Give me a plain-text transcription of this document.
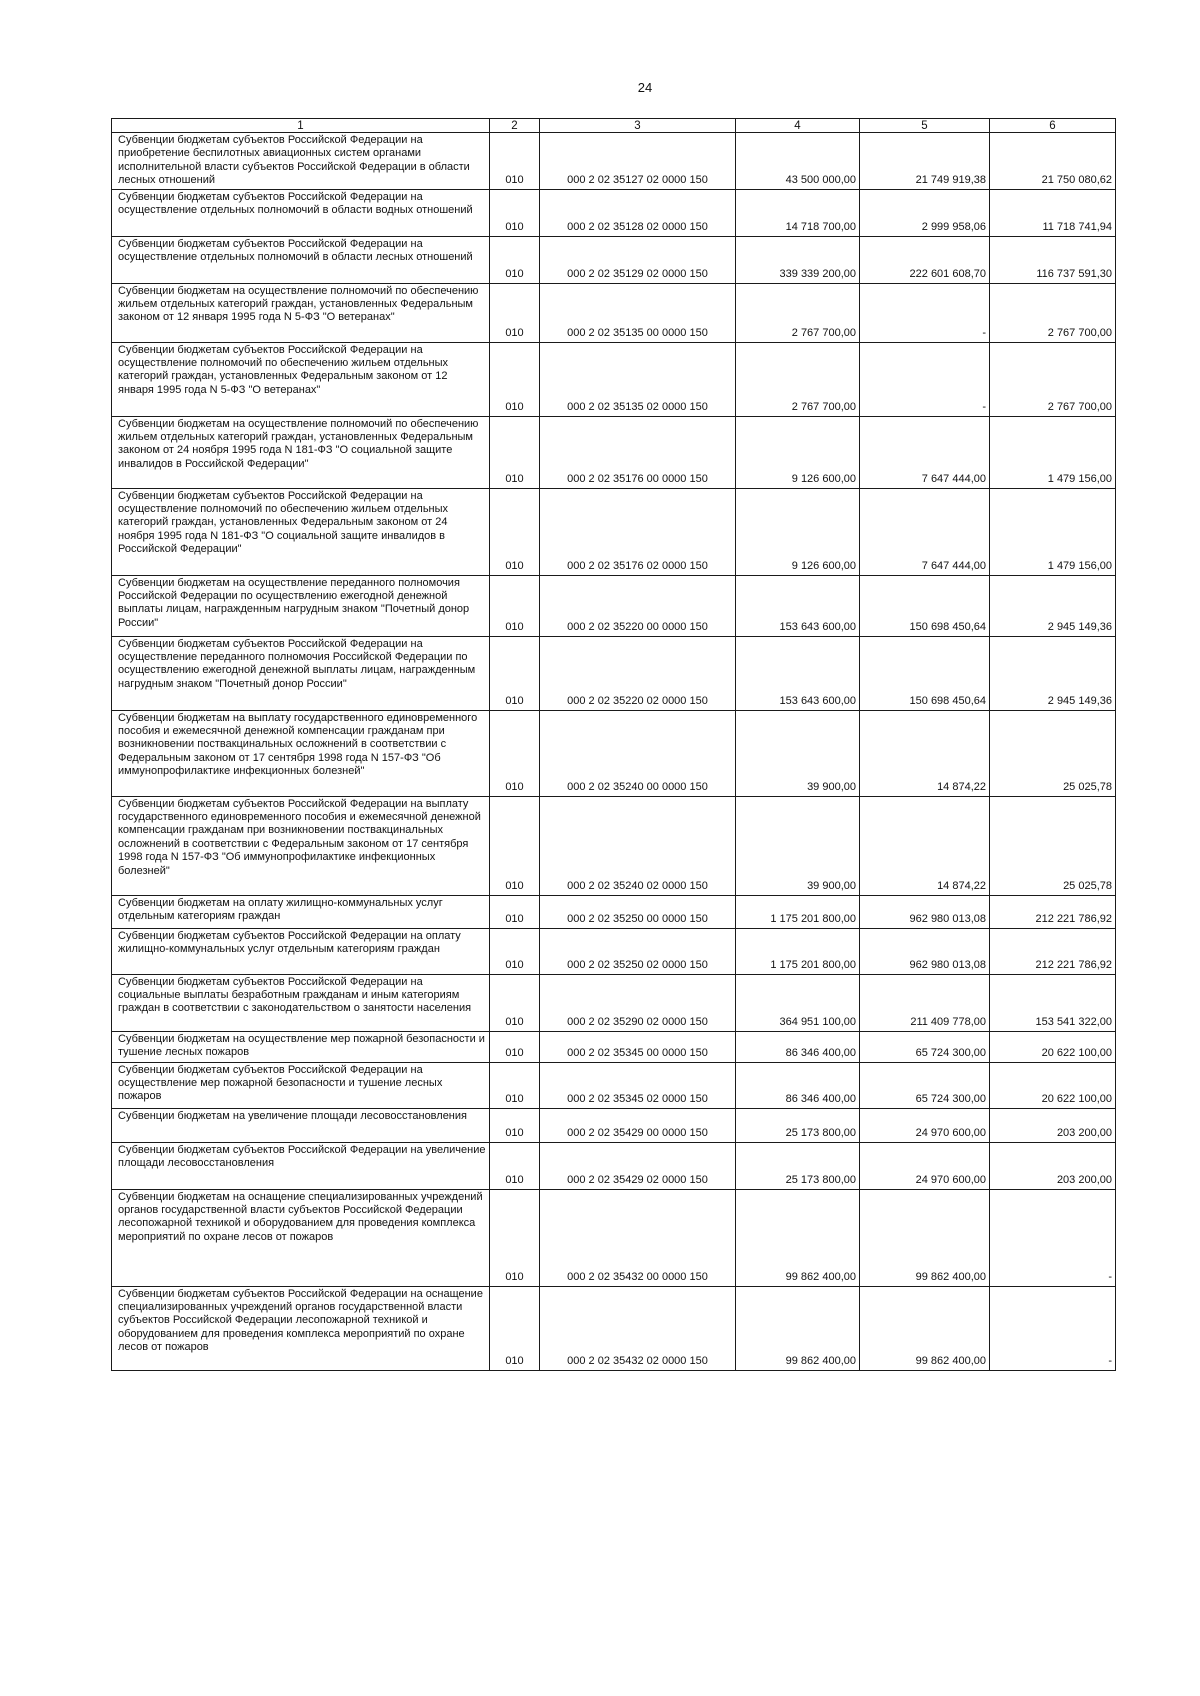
24
1	2	3	4	5	6
Субвенции бюджетам субъектов Российской Федерации на приобретение беспилотных авиационных систем органами исполнительной власти субъектов Российской Федерации в области лесных отношений	010	000 2 02 35127 02 0000 150	43 500 000,00	21 749 919,38	21 750 080,62
Субвенции бюджетам субъектов Российской Федерации на осуществление отдельных полномочий в области водных отношений	010	000 2 02 35128 02 0000 150	14 718 700,00	2 999 958,06	11 718 741,94
Субвенции бюджетам субъектов Российской Федерации на осуществление отдельных полномочий в области лесных отношений	010	000 2 02 35129 02 0000 150	339 339 200,00	222 601 608,70	116 737 591,30
Субвенции бюджетам на осуществление полномочий по обеспечению жильем отдельных категорий граждан, установленных Федеральным законом от 12 января 1995 года N 5-ФЗ "О ветеранах"	010	000 2 02 35135 00 0000 150	2 767 700,00	-	2 767 700,00
Субвенции бюджетам субъектов Российской Федерации на осуществление полномочий по обеспечению жильем отдельных категорий граждан, установленных Федеральным законом от 12 января 1995 года N 5-ФЗ "О ветеранах"	010	000 2 02 35135 02 0000 150	2 767 700,00	-	2 767 700,00
Субвенции бюджетам на осуществление полномочий по обеспечению жильем отдельных категорий граждан, установленных Федеральным законом от 24 ноября 1995 года N 181-ФЗ "О социальной защите инвалидов в Российской Федерации"	010	000 2 02 35176 00 0000 150	9 126 600,00	7 647 444,00	1 479 156,00
Субвенции бюджетам субъектов Российской Федерации на осуществление полномочий по обеспечению жильем отдельных категорий граждан, установленных Федеральным законом от 24 ноября 1995 года N 181-ФЗ "О социальной защите инвалидов в Российской Федерации"	010	000 2 02 35176 02 0000 150	9 126 600,00	7 647 444,00	1 479 156,00
Субвенции бюджетам на осуществление переданного полномочия Российской Федерации по осуществлению ежегодной денежной выплаты лицам, награжденным нагрудным знаком "Почетный донор России"	010	000 2 02 35220 00 0000 150	153 643 600,00	150 698 450,64	2 945 149,36
Субвенции бюджетам субъектов Российской Федерации на осуществление переданного полномочия Российской Федерации по осуществлению ежегодной денежной выплаты лицам, награжденным нагрудным знаком "Почетный донор России"	010	000 2 02 35220 02 0000 150	153 643 600,00	150 698 450,64	2 945 149,36
Субвенции бюджетам на выплату государственного единовременного пособия и ежемесячной денежной компенсации гражданам при возникновении поствакцинальных осложнений в соответствии с Федеральным законом от 17 сентября 1998 года N 157-ФЗ "Об иммунопрофилактике инфекционных болезней"	010	000 2 02 35240 00 0000 150	39 900,00	14 874,22	25 025,78
Субвенции бюджетам субъектов Российской Федерации на выплату государственного единовременного пособия и ежемесячной денежной компенсации гражданам при возникновении поствакцинальных осложнений в соответствии с Федеральным законом от 17 сентября 1998 года N 157-ФЗ "Об иммунопрофилактике инфекционных болезней"	010	000 2 02 35240 02 0000 150	39 900,00	14 874,22	25 025,78
Субвенции бюджетам на оплату жилищно-коммунальных услуг отдельным категориям граждан	010	000 2 02 35250 00 0000 150	1 175 201 800,00	962 980 013,08	212 221 786,92
Субвенции бюджетам субъектов Российской Федерации на оплату жилищно-коммунальных услуг отдельным категориям граждан	010	000 2 02 35250 02 0000 150	1 175 201 800,00	962 980 013,08	212 221 786,92
Субвенции бюджетам субъектов Российской Федерации на социальные выплаты безработным гражданам и иным категориям граждан в соответствии с законодательством о занятости населения	010	000 2 02 35290 02 0000 150	364 951 100,00	211 409 778,00	153 541 322,00
Субвенции бюджетам на осуществление мер пожарной безопасности и тушение лесных пожаров	010	000 2 02 35345 00 0000 150	86 346 400,00	65 724 300,00	20 622 100,00
Субвенции бюджетам субъектов Российской Федерации на осуществление мер пожарной безопасности и тушение лесных пожаров	010	000 2 02 35345 02 0000 150	86 346 400,00	65 724 300,00	20 622 100,00
Субвенции бюджетам на увеличение площади лесовосстановления	010	000 2 02 35429 00 0000 150	25 173 800,00	24 970 600,00	203 200,00
Субвенции бюджетам субъектов Российской Федерации на увеличение площади лесовосстановления	010	000 2 02 35429 02 0000 150	25 173 800,00	24 970 600,00	203 200,00
Субвенции бюджетам на оснащение специализированных учреждений органов государственной власти субъектов Российской Федерации лесопожарной техникой и оборудованием для проведения комплекса мероприятий по охране лесов от пожаров	010	000 2 02 35432 00 0000 150	99 862 400,00	99 862 400,00	-
Субвенции бюджетам субъектов Российской Федерации на оснащение специализированных учреждений органов государственной власти субъектов Российской Федерации лесопожарной техникой и оборудованием для проведения комплекса мероприятий по охране лесов от пожаров	010	000 2 02 35432 02 0000 150	99 862 400,00	99 862 400,00	-
